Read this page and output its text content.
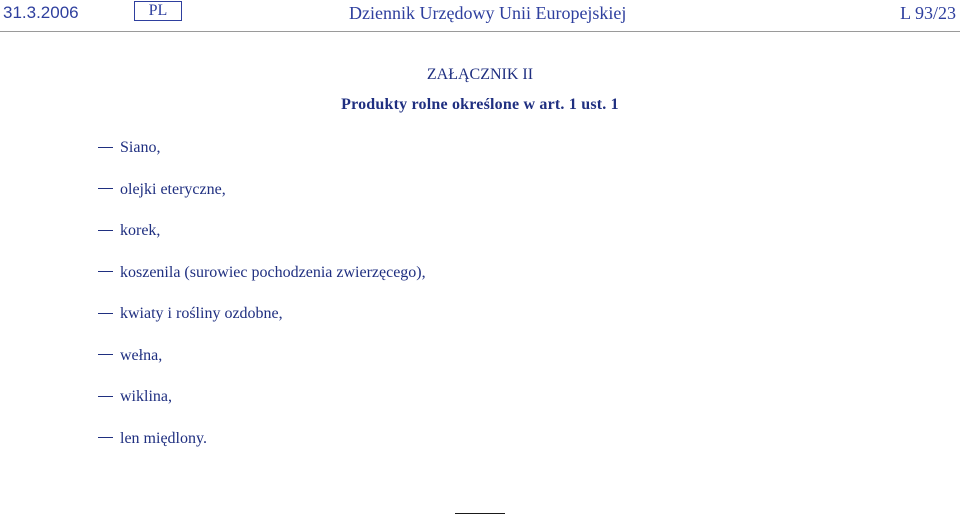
31.3.2006	PL	Dziennik Urzędowy Unii Europejskiej	L 93/23
ZAŁĄCZNIK II
Produkty rolne określone w art. 1 ust. 1
Siano,
olejki eteryczne,
korek,
koszenila (surowiec pochodzenia zwierzęcego),
kwiaty i rośliny ozdobne,
wełna,
wiklina,
len międlony.
